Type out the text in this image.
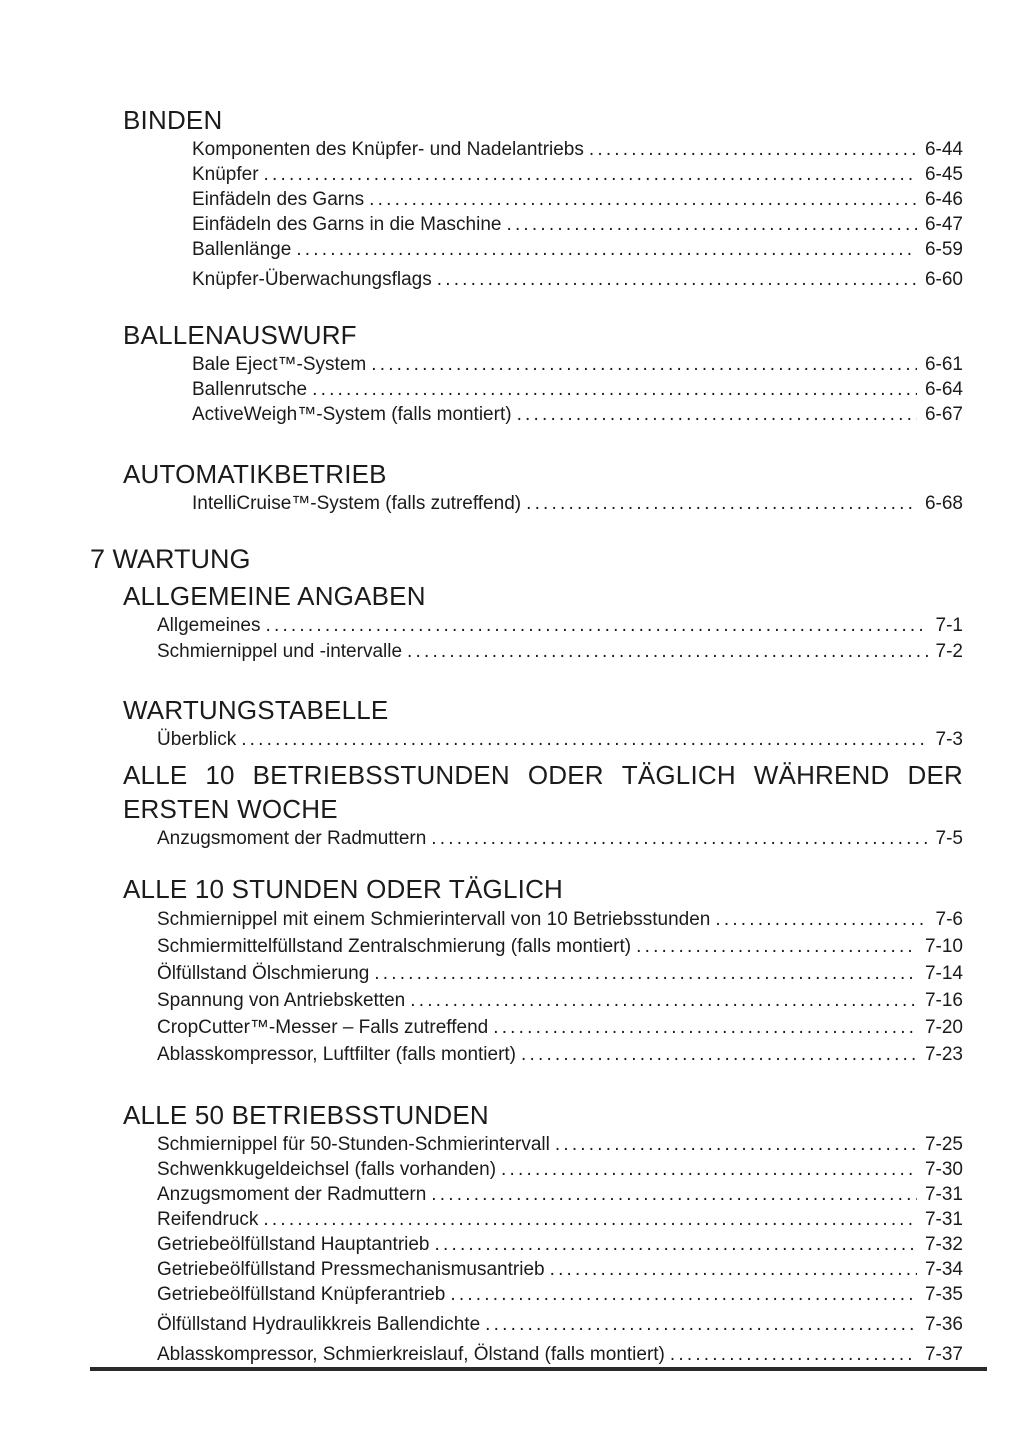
BINDEN
Komponenten des Knüpfer- und Nadelantriebs .....	6-44
Knüpfer .....	6-45
Einfädeln des Garns .....	6-46
Einfädeln des Garns in die Maschine .....	6-47
Ballenlänge .....	6-59
Knüpfer-Überwachungsflags .....	6-60
BALLENAUSWURF
Bale Eject™-System .....	6-61
Ballenrutsche .....	6-64
ActiveWeigh™-System (falls montiert) .....	6-67
AUTOMATIKBETRIEB
IntelliCruise™-System (falls zutreffend) .....	6-68
7 WARTUNG
ALLGEMEINE ANGABEN
Allgemeines .....	7-1
Schmiernippel und -intervalle .....	7-2
WARTUNGSTABELLE
Überblick .....	7-3
ALLE 10 BETRIEBSSTUNDEN ODER TÄGLICH WÄHREND DER
ERSTEN WOCHE
Anzugsmoment der Radmuttern .....	7-5
ALLE 10 STUNDEN ODER TÄGLICH
Schmiernippel mit einem Schmierintervall von 10 Betriebsstunden .....	7-6
Schmiermittelfüllstand Zentralschmierung (falls montiert) .....	7-10
Ölfüllstand Ölschmierung .....	7-14
Spannung von Antriebsketten .....	7-16
CropCutter™-Messer – Falls zutreffend .....	7-20
Ablasskompressor, Luftfilter (falls montiert) .....	7-23
ALLE 50 BETRIEBSSTUNDEN
Schmiernippel für 50-Stunden-Schmierintervall .....	7-25
Schwenkkugeldeichsel (falls vorhanden) .....	7-30
Anzugsmoment der Radmuttern .....	7-31
Reifendruck .....	7-31
Getriebeölfüllstand Hauptantrieb .....	7-32
Getriebeölfüllstand Pressmechanismusantrieb .....	7-34
Getriebeölfüllstand Knüpferantrieb .....	7-35
Ölfüllstand Hydraulikkreis Ballendichte .....	7-36
Ablasskompressor, Schmierkreislauf, Ölstand (falls montiert) .....	7-37
